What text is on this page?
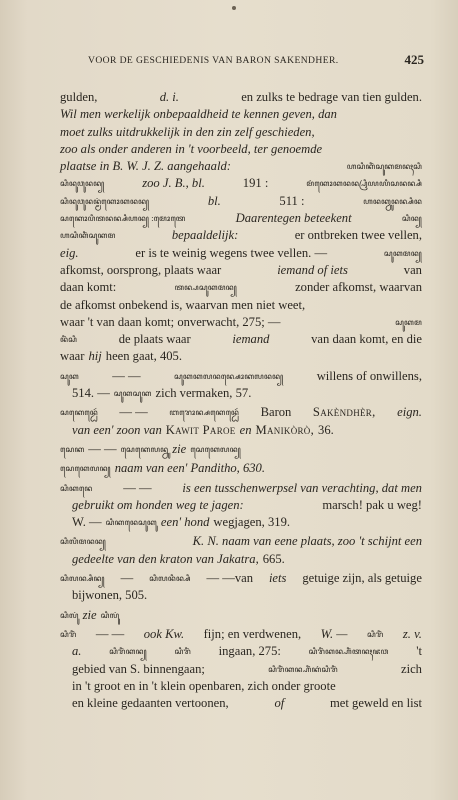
VOOR DE GESCHIEDENIS VAN BARON SAKENDHER.	425
gulden,	d. i.	en zulks te bedrage van tien gulden.
Wil men werkelijk onbepaaldheid te kennen geven, dan
moet zulks uitdrukkelijk in den zin zelf geschieden,
zoo als onder anderen in 't voorbeeld, ter genoemde
plaatse in B. W. J. Z. aangehaald:	ꦲꦱꦶꦏꦶꦁꦱꦸꦏꦩꦤꦃꦱꦶ
ꦱꦶꦤꦸꦮꦸꦤꦤ꧀	zoo J. B., bl.	191 :	ꦩꦁꦏꦺꦴꦏꦤꦤ꧀ꦥꦿꦶꦪꦪꦶꦱꦤꦤ꧀ꦱꦶ
ꦱꦶꦤꦸꦮꦸꦤꦤ꧀ꦩꦁꦏꦺꦴꦏꦤꦤ꧀	bl.	511 :	ꦲꦤꦏ꧀ꦮꦸꦤꦤ꧀ꦱꦶꦤ
ꦱꦏꦺꦴꦥꦶꦠꦤꦤ꧀ꦱꦶꦲꦤ꧀ :ꦩꦺꦴꦠꦺ	Daarentegen beteekent	ꦱꦶꦤ꧀
ꦲꦱꦶꦏꦶꦁꦱꦸꦏꦩ	bepaaldelijk:	er ontbreken twee vellen,
eig.	er is te weinig wegens twee vellen. —	ꦱꦸꦏꦩꦤ꧀
afkomst, oorsprong, plaats waar	iemand of iets	van
daan komt:	ꦠꦤ꧀ꦥꦱꦸꦏꦩꦤ꧀	zonder afkomst, waarvan
de afkomst onbekend is, waarvan men niet weet,
waar 't van daan komt; onverwacht, 275; —	ꦱꦸꦏꦩ
ꦤꦶꦁꦱꦶ	de plaats waar	iemand	van daan komt, en die
waar hij heen gaat, 405.
ꦱꦸꦏ	— —	ꦱꦸꦏꦏꦭꦤꦤ꧀ꦱꦺꦴꦏꦭꦤꦤ꧀	willens of onwillens,
514. — ꦱꦸꦏꦱꦸꦏ zich vermaken, 57.
ꦱꦏꦺꦤ꧀ꦝꦺꦂ — —	ꦧꦫꦺꦴꦤ꧀ꦱꦏꦺꦤ꧀ꦝꦺꦂ Baron Sakèndhèr, eign.
van een' zoon van Kawit Paroe en Manikòrò, 36.
ꦱꦺꦏ — — ꦱꦺꦏꦺꦭꦤ꧀ꦤꦸ zie ꦱꦺꦏꦺꦭꦤ꧀
ꦱꦺꦏꦺꦭꦤ꧀ naam van een' Panditho, 630.
ꦱꦶꦏꦤꦺ — — is een tusschenwerpsel van verachting, dat men
gebruikt om honden weg te jagen:	marsch! pak u weg!
W. — ꦱꦶꦏꦤꦺꦱꦸꦏꦸ een' hond wegjagen, 319.
ꦱꦶꦭꦶꦩꦤꦤ꧀	K. N. naam van eene plaats, zoo 't schijnt een
gedeelte van den kraton van Jakatra, 665.
ꦱꦶꦭꦤ꧀ꦱꦶꦤ꧀ — ꦱꦶꦭꦤꦶꦤ꧀ꦱꦶ — —van iets getuige zijn, als getuige
bijwonen, 505.
ꦱꦶꦭꦸꦁ zie ꦱꦶꦭꦸꦁ
ꦱꦶꦫꦶꦁ — — ook Kw. fijn; en verdwenen, W. — ꦱꦶꦫꦶꦁ z. v.
a.	ꦱꦶꦫꦶꦁꦏꦤ꧀	ꦱꦶꦫꦶꦁ ingaan, 275:	ꦱꦶꦫꦶꦁꦏꦤ꧀ꦲꦶꦁꦠꦤꦃꦗꦮ 't
gebied van S. binnengaan;	ꦱꦶꦫꦶꦁꦏꦤ꧀ꦲꦶꦁꦏꦁꦱꦶꦫꦶꦁ	zich
in 't groot en in 't klein openbaren, zich onder groote
en kleine gedaanten vertoonen,	of	met geweld en list
